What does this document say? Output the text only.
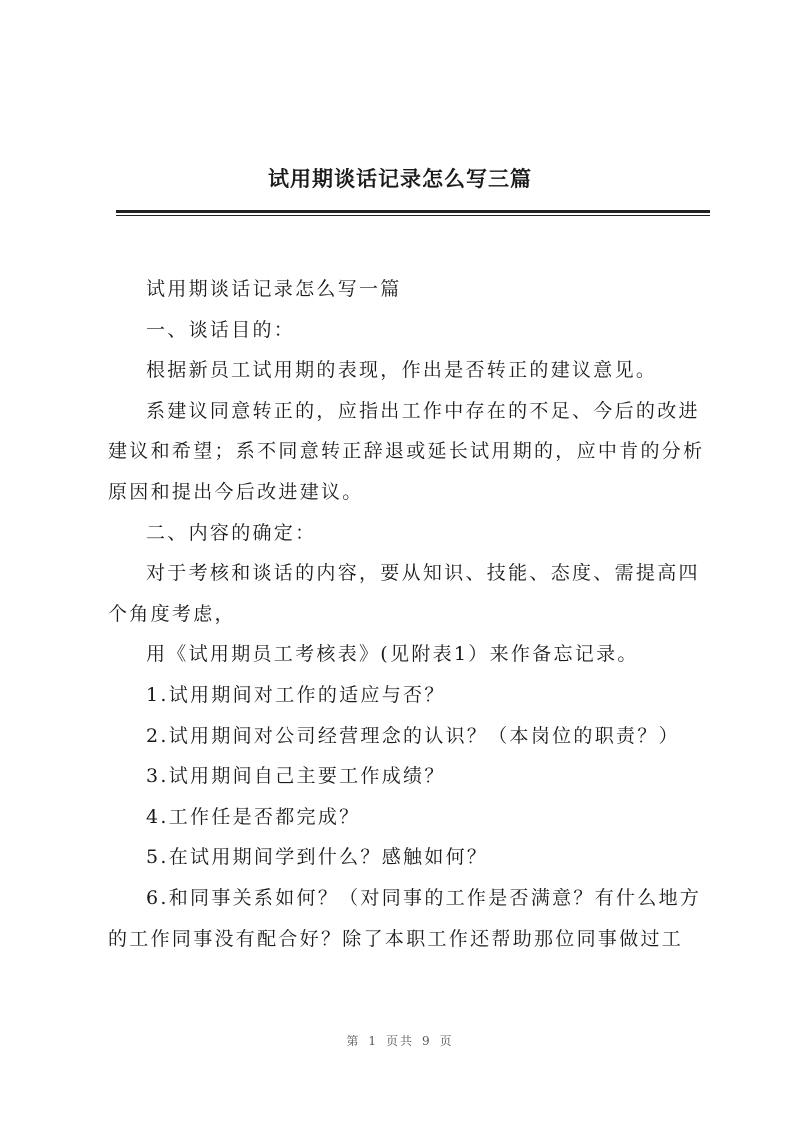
试用期谈话记录怎么写三篇

试用期谈话记录怎么写一篇

一、谈话目的：

根据新员工试用期的表现，作出是否转正的建议意见。

系建议同意转正的，应指出工作中存在的不足、今后的改进建议和希望；系不同意转正辞退或延长试用期的，应中肯的分析原因和提出今后改进建议。

二、内容的确定：

对于考核和谈话的内容，要从知识、技能、态度、需提高四个角度考虑，

用《试用期员工考核表》(见附表1）来作备忘记录。

1.试用期间对工作的适应与否？

2.试用期间对公司经营理念的认识？（本岗位的职责？）

3.试用期间自己主要工作成绩？

4.工作任是否都完成？

5.在试用期间学到什么？感触如何？

6.和同事关系如何？（对同事的工作是否满意？有什么地方的工作同事没有配合好？除了本职工作还帮助那位同事做过工

第 1 页共 9 页
